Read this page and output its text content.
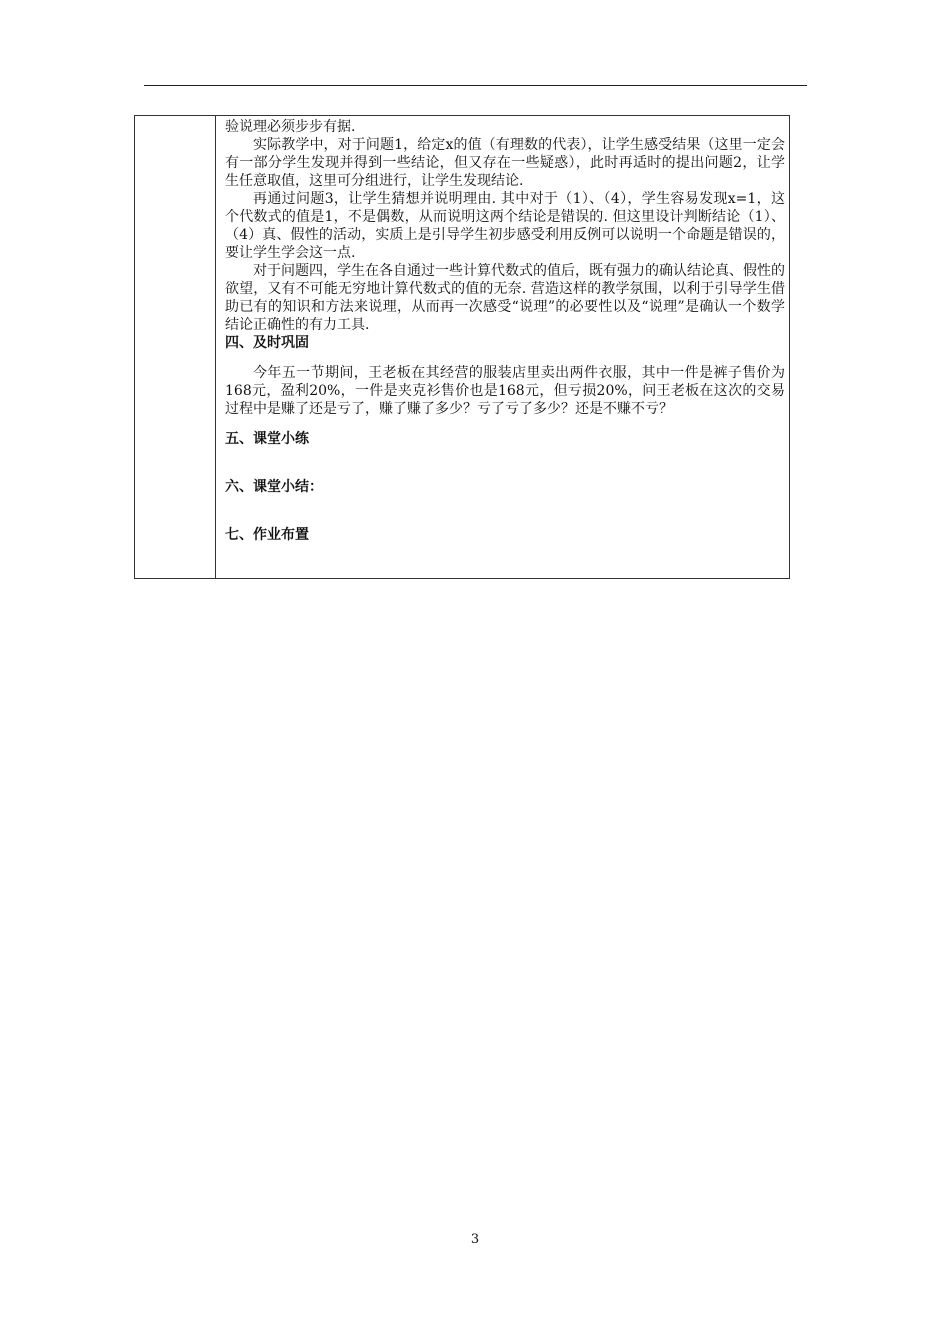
验说理必须步步有据.

实际教学中，对于问题1，给定x的值（有理数的代表），让学生感受结果（这里一定会有一部分学生发现并得到一些结论，但又存在一些疑惑），此时再适时的提出问题2，让学生任意取值，这里可分组进行，让学生发现结论.

再通过问题3，让学生猜想并说明理由. 其中对于（1）、（4），学生容易发现x=1，这个代数式的值是1，不是偶数，从而说明这两个结论是错误的. 但这里设计判断结论（1）、（4）真、假性的活动，实质上是引导学生初步感受利用反例可以说明一个命题是错误的，要让学生学会这一点.

对于问题四，学生在各自通过一些计算代数式的值后，既有强力的确认结论真、假性的欲望，又有不可能无穷地计算代数式的值的无奈. 营造这样的教学氛围，以利于引导学生借助已有的知识和方法来说理，从而再一次感受“说理”的必要性以及“说理”是确认一个数学结论正确性的有力工具.

四、及时巩固

今年五一节期间，王老板在其经营的服装店里卖出两件衣服，其中一件是裤子售价为168元，盈利20%，一件是夹克衫售价也是168元，但亏损20%，问王老板在这次的交易过程中是赚了还是亏了，赚了赚了多少？亏了亏了多少？还是不赚不亏？

五、课堂小练

六、课堂小结：

七、作业布置

3
